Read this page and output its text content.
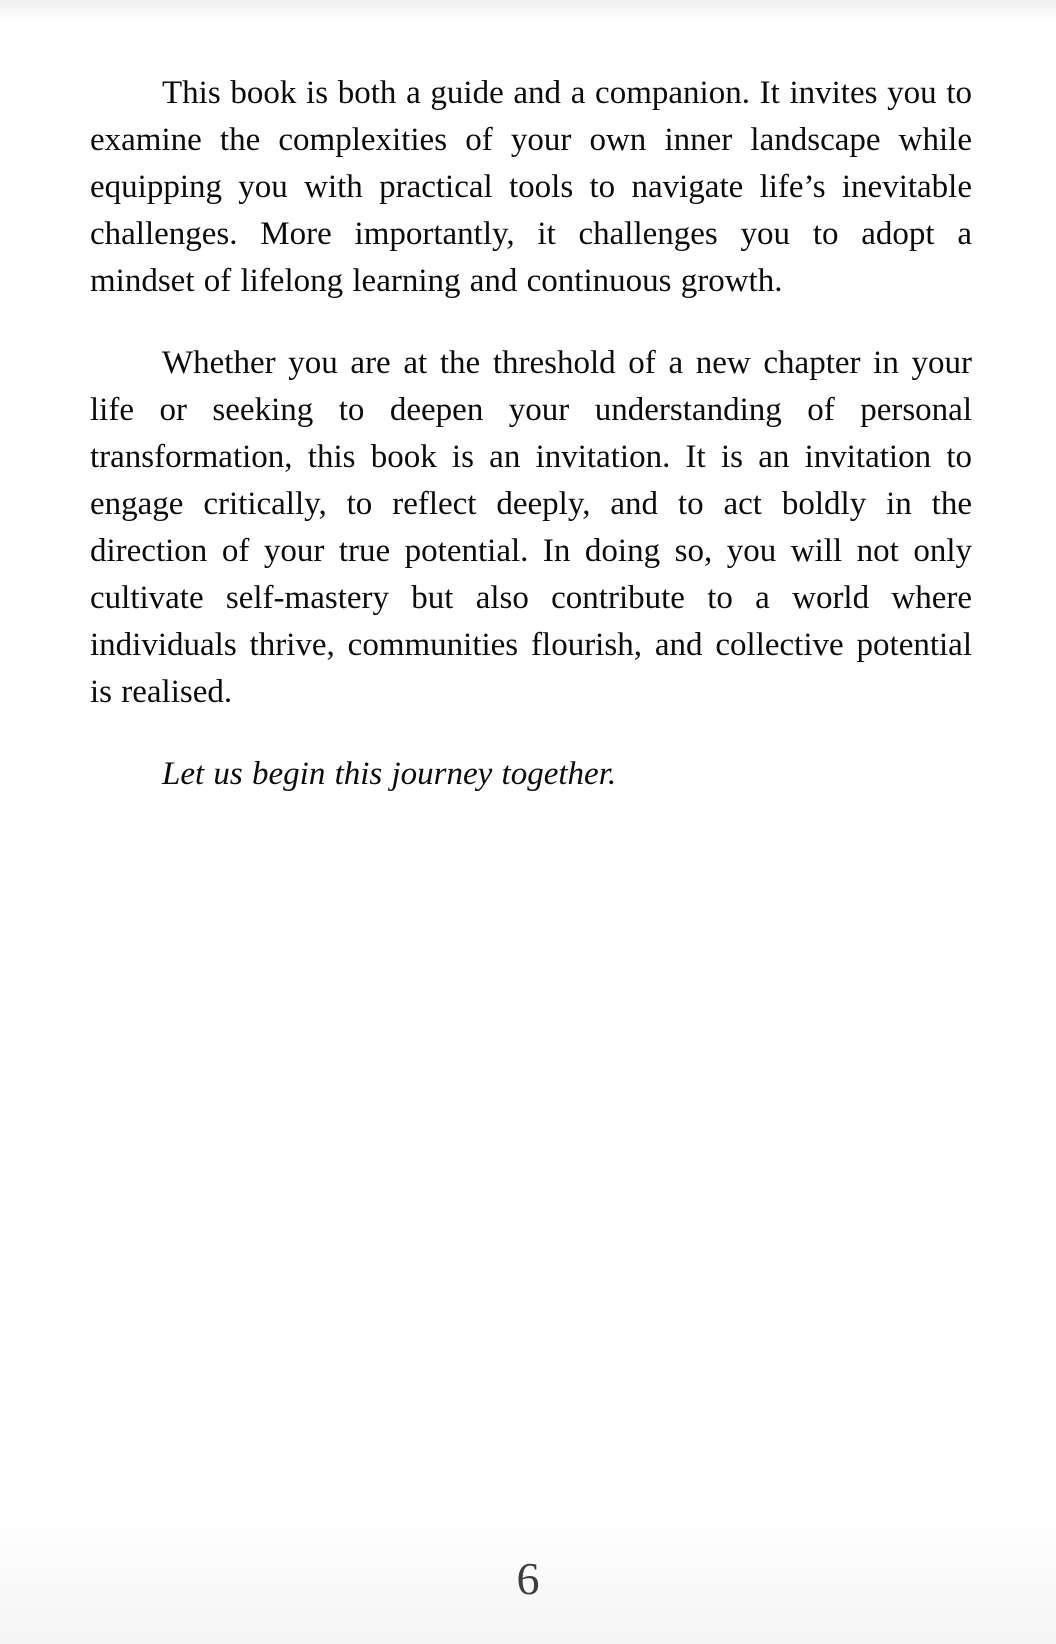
This book is both a guide and a companion. It invites you to examine the complexities of your own inner landscape while equipping you with practical tools to navigate life’s inevitable challenges. More importantly, it challenges you to adopt a mindset of lifelong learning and continuous growth.

Whether you are at the threshold of a new chapter in your life or seeking to deepen your understanding of personal transformation, this book is an invitation. It is an invitation to engage critically, to reflect deeply, and to act boldly in the direction of your true potential. In doing so, you will not only cultivate self-mastery but also contribute to a world where individuals thrive, communities flourish, and collective potential is realised.

Let us begin this journey together.

6
